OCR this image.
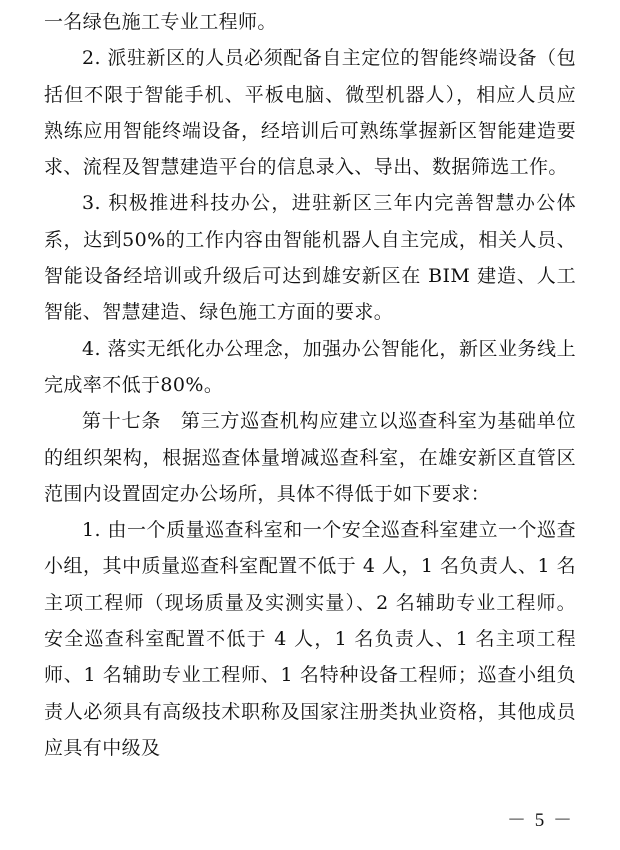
一名绿色施工专业工程师。

2. 派驻新区的人员必须配备自主定位的智能终端设备（包括但不限于智能手机、平板电脑、微型机器人），相应人员应熟练应用智能终端设备，经培训后可熟练掌握新区智能建造要求、流程及智慧建造平台的信息录入、导出、数据筛选工作。

3. 积极推进科技办公，进驻新区三年内完善智慧办公体系，达到50%的工作内容由智能机器人自主完成，相关人员、智能设备经培训或升级后可达到雄安新区在 BIM 建造、人工智能、智慧建造、绿色施工方面的要求。

4. 落实无纸化办公理念，加强办公智能化，新区业务线上完成率不低于80%。

第十七条　第三方巡查机构应建立以巡查科室为基础单位的组织架构，根据巡查体量增减巡查科室，在雄安新区直管区范围内设置固定办公场所，具体不得低于如下要求：

1. 由一个质量巡查科室和一个安全巡查科室建立一个巡查小组，其中质量巡查科室配置不低于 4 人，1 名负责人、1 名主项工程师（现场质量及实测实量）、2 名辅助专业工程师。安全巡查科室配置不低于 4 人，1 名负责人、1 名主项工程师、1 名辅助专业工程师、1 名特种设备工程师；巡查小组负责人必须具有高级技术职称及国家注册类执业资格，其他成员应具有中级及

－ 5 －
